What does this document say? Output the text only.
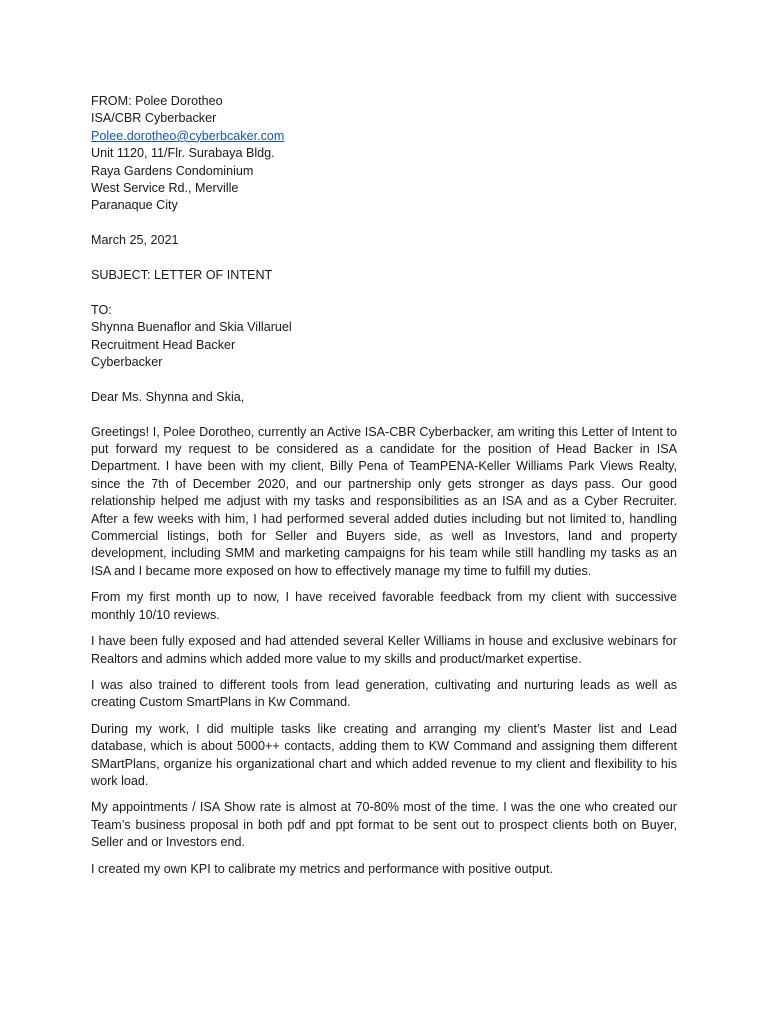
FROM: Polee Dorotheo
ISA/CBR Cyberbacker
Polee.dorotheo@cyberbcaker.com
Unit 1120, 11/Flr. Surabaya Bldg.
Raya Gardens Condominium
West Service Rd., Merville
Paranaque City
March 25, 2021
SUBJECT: LETTER OF INTENT
TO:
Shynna Buenaflor and Skia Villaruel
Recruitment Head Backer
Cyberbacker
Dear Ms. Shynna and Skia,

Greetings! I, Polee Dorotheo, currently an Active ISA-CBR Cyberbacker, am writing this Letter of Intent to put forward my request to be considered as a candidate for the position of Head Backer in ISA Department. I have been with my client, Billy Pena of TeamPENA-Keller Williams Park Views Realty, since the 7th of December 2020, and our partnership only gets stronger as days pass. Our good relationship helped me adjust with my tasks and responsibilities as an ISA and as a Cyber Recruiter. After a few weeks with him, I had performed several added duties including but not limited to, handling Commercial listings, both for Seller and Buyers side, as well as Investors, land and property development, including SMM and marketing campaigns for his team while still handling my tasks as an ISA and I became more exposed on how to effectively manage my time to fulfill my duties.

From my first month up to now, I have received favorable feedback from my client with successive monthly 10/10 reviews.

I have been fully exposed and had attended several Keller Williams in house and exclusive webinars for Realtors and admins which added more value to my skills and product/market expertise.

I was also trained to different tools from lead generation, cultivating and nurturing leads as well as creating Custom SmartPlans in Kw Command.

During my work, I did multiple tasks like creating and arranging my client’s Master list and Lead database, which is about 5000++ contacts, adding them to KW Command and assigning them different SMartPlans, organize his organizational chart and which added revenue to my client and flexibility to his work load.

My appointments / ISA Show rate is almost at 70-80% most of the time. I was the one who created our Team’s business proposal in both pdf and ppt format to be sent out to prospect clients both on Buyer, Seller and or Investors end.

I created my own KPI to calibrate my metrics and performance with positive output.
